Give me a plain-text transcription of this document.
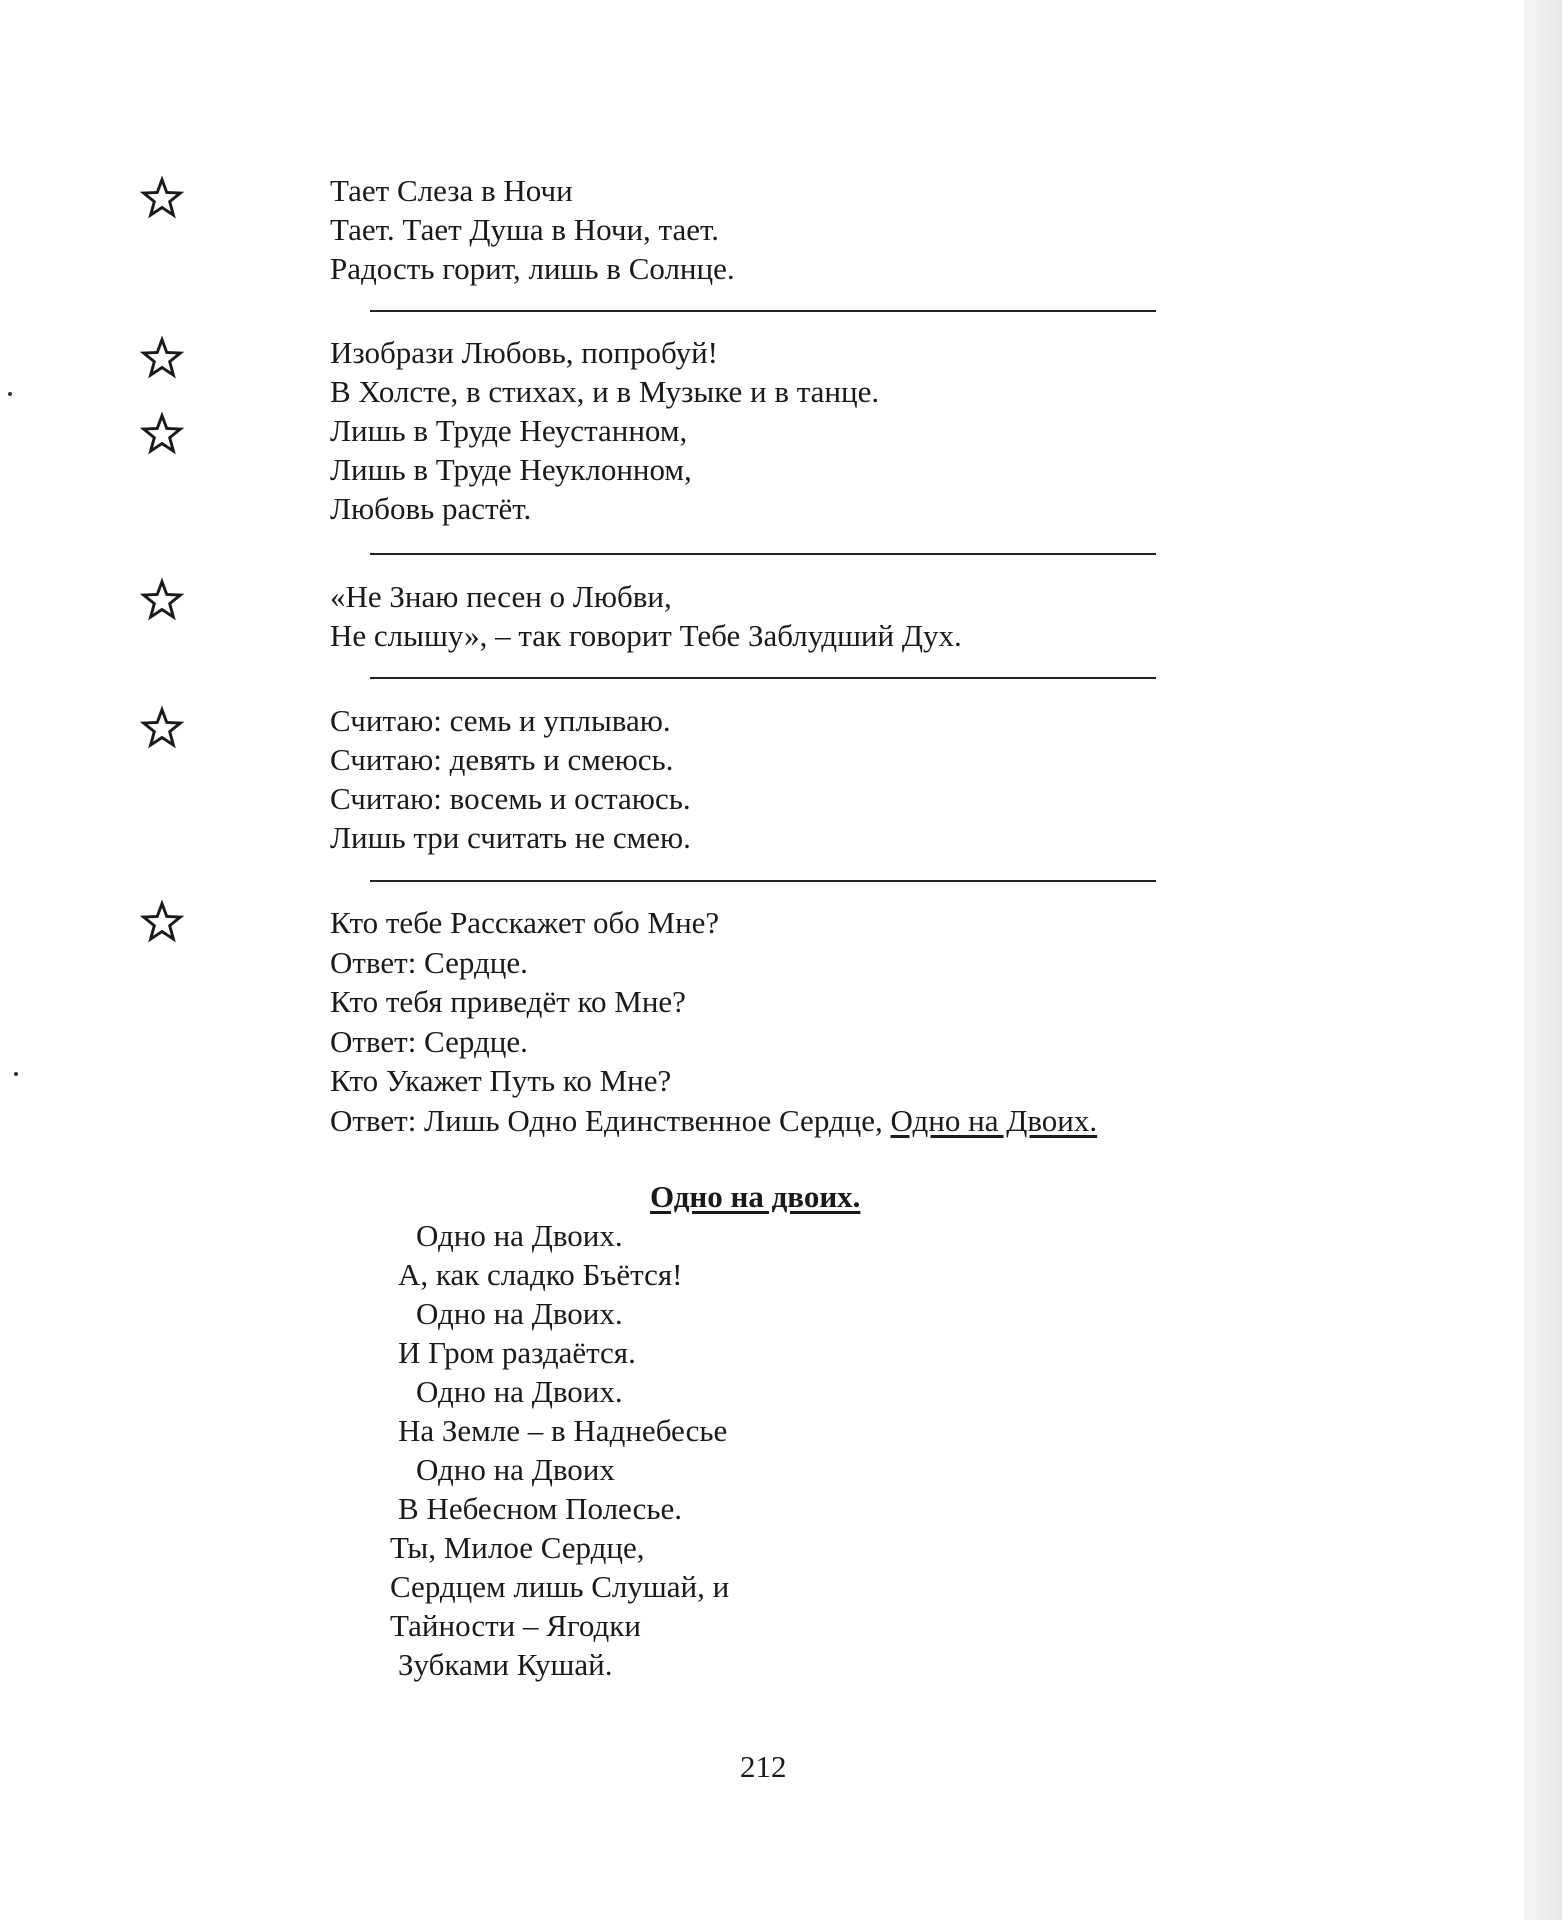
Тает Слеза в Ночи
Тает. Тает Душа в Ночи, тает.
Радость горит, лишь в Солнце.
Изобрази Любовь, попробуй!
В Холсте, в стихах, и в Музыке и в танце.
Лишь в Труде Неустанном,
Лишь в Труде Неуклонном,
Любовь растёт.
«Не Знаю песен о Любви,
Не слышу», – так говорит Тебе Заблудший Дух.
Считаю: семь и уплываю.
Считаю: девять и смеюсь.
Считаю: восемь и остаюсь.
Лишь три считать не смею.
Кто тебе Расскажет обо Мне?
Ответ: Сердце.
Кто тебя приведёт ко Мне?
Ответ: Сердце.
Кто Укажет Путь ко Мне?
Ответ: Лишь Одно Единственное Сердце, Одно на Двоих.
Одно на двоих.
Одно на Двоих.
А, как сладко Бъётся!
Одно на Двоих.
И Гром раздаётся.
Одно на Двоих.
На Земле – в Наднебесье
Одно на Двоих
В Небесном Полесье.
Ты, Милое Сердце,
Сердцем лишь Слушай, и
Тайности – Ягодки
Зубками Кушай.
212
